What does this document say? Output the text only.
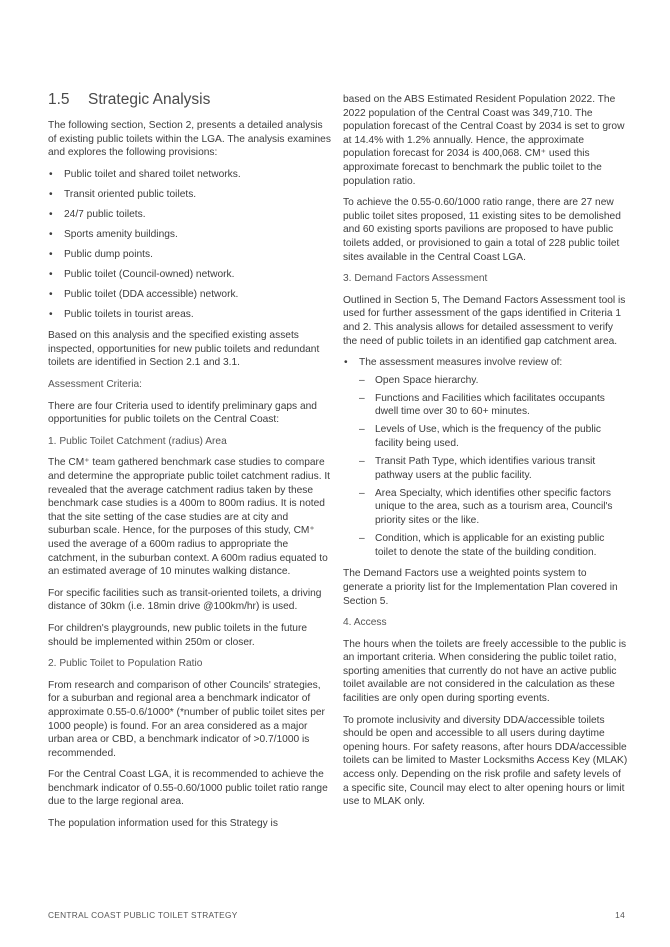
1.5 Strategic Analysis

The following section, Section 2, presents a detailed analysis of existing public toilets within the LGA. The analysis examines and explores the following provisions:

• Public toilet and shared toilet networks.
• Transit oriented public toilets.
• 24/7 public toilets.
• Sports amenity buildings.
• Public dump points.
• Public toilet (Council-owned) network.
• Public toilet (DDA accessible) network.
• Public toilets in tourist areas.

Based on this analysis and the specified existing assets inspected, opportunities for new public toilets and redundant toilets are identified in Section 2.1 and 3.1.

Assessment Criteria:

There are four Criteria used to identify preliminary gaps and opportunities for public toilets on the Central Coast:

1. Public Toilet Catchment (radius) Area

The CM⁺ team gathered benchmark case studies to compare and determine the appropriate public toilet catchment radius. It revealed that the average catchment radius taken by these benchmark case studies is a 400m to 800m radius. It is noted that the site setting of the case studies are at city and suburban scale. Hence, for the purposes of this study, CM⁺ used the average of a 600m radius to appropriate the catchment, in the suburban context. A 600m radius equated to an estimated average of 10 minutes walking distance.

For specific facilities such as transit-oriented toilets, a driving distance of 30km (i.e. 18min drive @100km/hr) is used.

For children's playgrounds, new public toilets in the future should be implemented within 250m or closer.

2. Public Toilet to Population Ratio

From research and comparison of other Councils' strategies, for a suburban and regional area a benchmark indicator of approximate 0.55-0.6/1000* (*number of public toilet sites per 1000 people) is found. For an area considered as a major urban area or CBD, a benchmark indicator of >0.7/1000 is recommended.

For the Central Coast LGA, it is recommended to achieve the benchmark indicator of 0.55-0.60/1000 public toilet ratio range due to the large regional area.

The population information used for this Strategy is

based on the ABS Estimated Resident Population 2022. The 2022 population of the Central Coast was 349,710. The population forecast of the Central Coast by 2034 is set to grow at 14.4% with 1.2% annually. Hence, the approximate population forecast for 2034 is 400,068. CM⁺ used this approximate forecast to benchmark the public toilet to the population ratio.

To achieve the 0.55-0.60/1000 ratio range, there are 27 new public toilet sites proposed, 11 existing sites to be demolished and 60 existing sports pavilions are proposed to have public toilets added, or provisioned to gain a total of 228 public toilet sites available in the Central Coast LGA.

3. Demand Factors Assessment

Outlined in Section 5, The Demand Factors Assessment tool is used for further assessment of the gaps identified in Criteria 1 and 2. This analysis allows for detailed assessment to verify the need of public toilets in an identified gap catchment area.

• The assessment measures involve review of:
– Open Space hierarchy.
– Functions and Facilities which facilitates occupants dwell time over 30 to 60+ minutes.
– Levels of Use, which is the frequency of the public facility being used.
– Transit Path Type, which identifies various transit pathway users at the public facility.
– Area Specialty, which identifies other specific factors unique to the area, such as a tourism area, Council's priority sites or the like.
– Condition, which is applicable for an existing public toilet to denote the state of the building condition.

The Demand Factors use a weighted points system to generate a priority list for the Implementation Plan covered in Section 5.

4. Access

The hours when the toilets are freely accessible to the public is an important criteria. When considering the public toilet ratio, sporting amenities that currently do not have an active public toilet available are not considered in the calculation as these facilities are only open during sporting events.

To promote inclusivity and diversity DDA/accessible toilets should be open and accessible to all users during daytime opening hours. For safety reasons, after hours DDA/accessible toilets can be limited to Master Locksmiths Access Key (MLAK) access only. Depending on the risk profile and safety levels of a specific site, Council may elect to alter opening hours or limit use to MLAK only.

CENTRAL COAST PUBLIC TOILET STRATEGY	14
